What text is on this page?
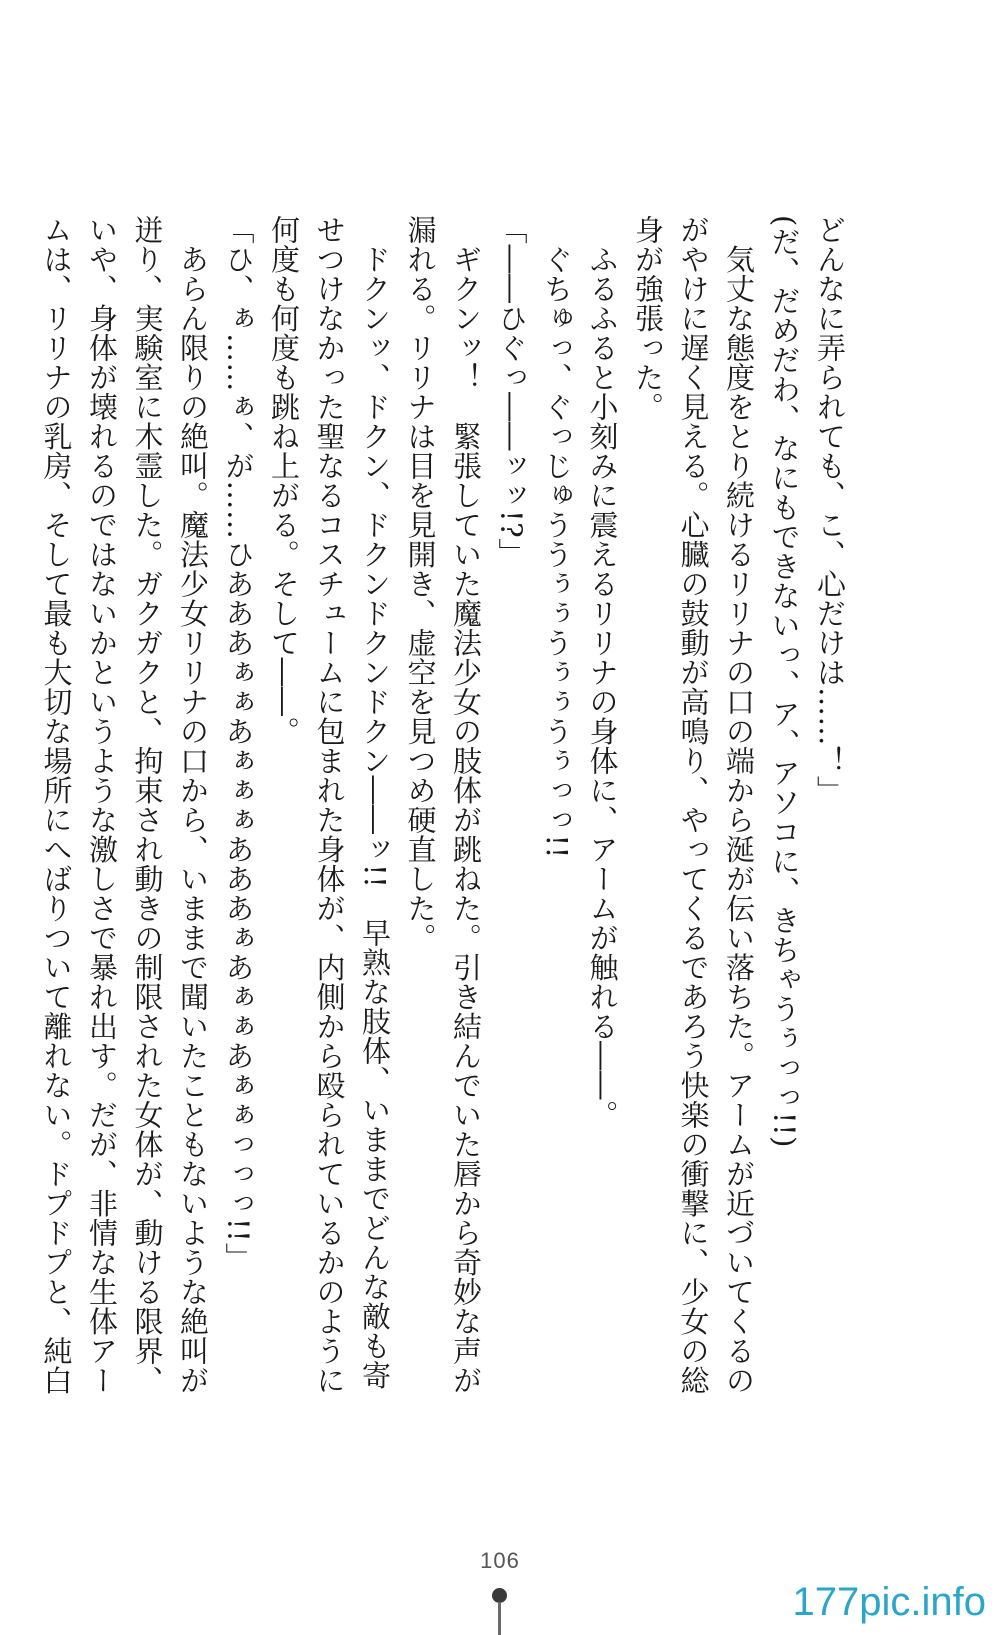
どんなに弄られても、こ、心だけは……！」
(だ、だめだわ、なにもできないっ、ア、アソコに、きちゃうぅっっ!!)
　気丈な態度をとり続けるリリナの口の端から涎が伝い落ちた。アームが近づいてくるの
がやけに遅く見える。心臓の鼓動が高鳴り、やってくるであろう快楽の衝撃に、少女の総
身が強張った。
　ふるふると小刻みに震えるリリナの身体に、アームが触れる――。
　ぐちゅっ、ぐっじゅううぅぅうぅぅうぅっっ!!
「――ひぐっ――ッッ!?」
　ギクンッ！　緊張していた魔法少女の肢体が跳ねた。引き結んでいた唇から奇妙な声が
漏れる。リリナは目を見開き、虚空を見つめ硬直した。
　ドクンッ、ドクン、ドクンドクンドクン――ッ!!　早熟な肢体、いままでどんな敵も寄
せつけなかった聖なるコスチュームに包まれた身体が、内側から殴られているかのように
何度も何度も跳ね上がる。そして――。
「ひ、ぁ……ぁ、が……ひあああぁぁあぁぁぁあああぁあぁぁあぁぁっっっ!!」
　あらん限りの絶叫。魔法少女リリナの口から、いままで聞いたこともないような絶叫が
迸り、実験室に木霊した。ガクガクと、拘束され動きの制限された女体が、動ける限界、
いや、身体が壊れるのではないかというような激しさで暴れ出す。だが、非情な生体アー
ムは、リリナの乳房、そして最も大切な場所にへばりついて離れない。ドプドプと、純白
106
177pic.info
